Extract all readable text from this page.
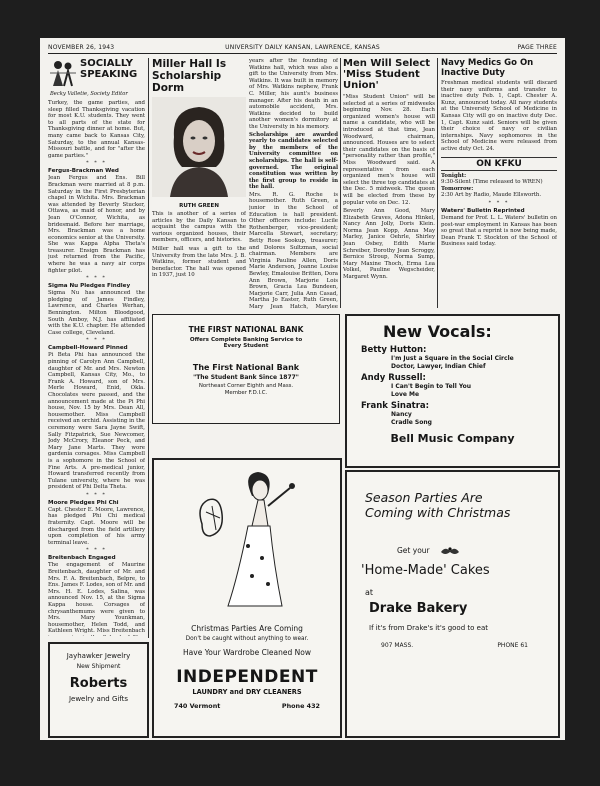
NOVEMBER 26, 1943	UNIVERSITY DAILY KANSAN, LAWRENCE, KANSAS	PAGE THREE
SOCIALLY
SPEAKING
Becky Valletie, Society Editor
Turkey, the game parties, and sleep filled Thanksgiving vacation for most K.U. students. They went to all parts of the state for Thanksgiving dinner at home. But, many came back to Kansas City, Saturday, to the annual Kansas-Missouri battle, and for "after the game parties."
* * *
Fergus-Brackman Wed
Jean Fergus and Ens. Bill Brackman were married at 8 p.m. Saturday in the First Presbyterian chapel in Wichita. Mrs. Brackman was attended by Beverly Stucker, Ottawa, as maid of honor, and by Jean O'Connor, Wichita, as bridesmaid. Before her marriage, Mrs. Brackman was a home economics senior at the University. She was Kappa Alpha Theta's treasurer. Ensign Brackman has just returned from the Pacific, where he was a navy air corps fighter pilot.
* * *
Sigma Nu Pledges Findley
Sigma Nu has announced the pledging of James Findley, Lawrence, and Charles Werhan, Bennington. Milton Bloodgood, South Amboy, N.J. has affiliated with the K.U. chapter. He attended Case college, Cleveland.
* * *
Campbell-Howard Pinned
Pi Beta Phi has announced the pinning of Carolyn Ann Campbell, daughter of Mr. and Mrs. Newton Campbell, Kansas City, Mo., to Frank A. Howard, son of Mrs. Merle Howard, Enid, Okla. Chocolates were passed, and the announcement made at the Pi Phi house, Nov. 15 by Mrs. Dean All, housemother. Miss Campbell received an orchid. Assisting in the ceremony were Sara Jayne Swift, Sally Fitzpatrick, Sue Newcomer, Jody McCrory, Eleanor Peck, and Mary Jane Marts. They wore gardenia corsages. Miss Campbell is a sophomore in the School of Fine Arts. A pre-medical junior, Howard transferred recently from Tulane university, where he was president of Phi Delta Theta.
* * *
Moore Pledges Phi Chi
Capt. Chester E. Moore, Lawrence, has pledged Phi Chi medical fraternity. Capt. Moore will be discharged from the field artillery upon completion of his army terminal leave.
* * *
Breitenbach Engaged
The engagement of Maurine Breitenbach, daughter of Mr. and Mrs. F. A. Breitenbach, Belpre, to Ens. James F. Lodes, son of Mr. and Mrs. H. E. Lodes, Salina, was announced Nov. 15, at the Sigma Kappa house. Corsages of chrysanthemums were given to Mrs. Mary Younkman, housemother, Helen Todd, and Kathleen Wright. Miss Breitenbach
Miller Hall Is Scholarship Dorm
RUTH GREEN
This is another of a series of articles by the Daily Kansan to acquaint the campus with the various organized houses, their members, officers, and histories.
Miller hall was a gift to the University from the late Mrs. J. B. Watkins, former student and benefactor. The hall was opened in 1937, just 10
years after the founding of Watkins hall, which was also a gift to the University from Mrs. Watkins. It was built in memory of Mrs. Watkins nephew, Frank C. Miller, his aunt's business manager. After his death in an automobile accident, Mrs. Watkins decided to build another women's dormitory at the University in his memory.
Scholarships are awarded yearly to candidates selected by the members of the University committee on scholarships. The hall is self-governed. The original constitution was written by the first group to reside in the hall.
Mrs. R. G. Roche is housemother. Ruth Green, a junior in the School of Education is hall president. Other officers include: Lucile Rothenberger, vice-president; Marcella Stewart, secretary; Betty Rose Sookup, treasurer; and Dolores Sultzman, social chairman. Members are Virginia Pauline Allen, Doris Marie Anderson, Joanne Louise Bewley, Emalouise Britten, Dora Ann Brown, Marjorie Lois Brown, Gracia Lea Bundeen, Marjorie Carr, Julia Ann Casad, Martha Jo Easter, Ruth Green, Mary Jean Hatch, Marylee
Men Will Select 'Miss Student Union'
"Miss Student Union" will be selected at a series of midweeks beginning Nov. 28. Each organized women's house will name a candidate, who will be introduced at that time, Jean Woodward, chairman, announced. Houses are to select their candidates on the basis of "personality rather than profile," Miss Woodward said. A representative from each organized men's house will select the three top candidates at the Dec. 5 midweek. The queen will be elected from these by popular vote on Dec. 12.
Beverly Ann Good, Mary Elizabeth Graves, Adona Hinkel, Nancy Ann Jolly, Doris Klein. Norma Jean Kopp, Anna May Marley, Janice Oehrle, Shirley Jean Osbey, Edith Marie Schreiber, Dorothy Jean Scroggy, Bernice Stroup, Norma Sump, Mary Maxine Thoch, Erma Lea Volkel, Pauline Wegscheider, Margaret Wynn.
Navy Medics Go On Inactive Duty
Freshman medical students will discard their navy uniforms and transfer to inactive duty Feb. 1, Capt. Chester A. Kunz, announced today. All navy students at the University School of Medicine in Kansas City will go on inactive duty Dec. 1, Capt. Kunz said. Seniors will be given their choice of navy or civilian internships. Navy sophomores in the School of Medicine were released from active duty Oct. 24.
ON KFKU
Tonight:
9:30-Silent (Time released to WREN)
Tomorrow:
2:30 Art by Radio, Maude Ellsworth.
* * *
Waters' Bulletin Reprinted
Demand for Prof. L. L. Waters' bulletin on post-war employment in Kansas has been so great that a reprint is now being made, Dean Frank T. Stockton of the School of Business said today.
THE FIRST NATIONAL BANK
Offers Complete Banking Service to Every Student
The First National Bank
"The Student Bank Since 1877"
Northeast Corner Eighth and Mass.
Member F.D.I.C.
Christmas Parties Are Coming
Don't be caught without anything to wear.
Have Your Wardrobe Cleaned Now
INDEPENDENT
LAUNDRY and DRY CLEANERS
740 Vermont	Phone 432
Jayhawker Jewelry
New Shipment
Roberts
Jewelry and Gifts
New Vocals:
Betty Hutton:
I'm Just a Square in the Social Circle
Doctor, Lawyer, Indian Chief
Andy Russell:
I Can't Begin to Tell You
Love Me
Frank Sinatra:
Nancy
Cradle Song
Bell Music Company
Season Parties Are
Coming with Christmas
Get your
'Home-Made' Cakes
at
Drake Bakery
If it's from Drake's it's good to eat
907 MASS.	PHONE 61
